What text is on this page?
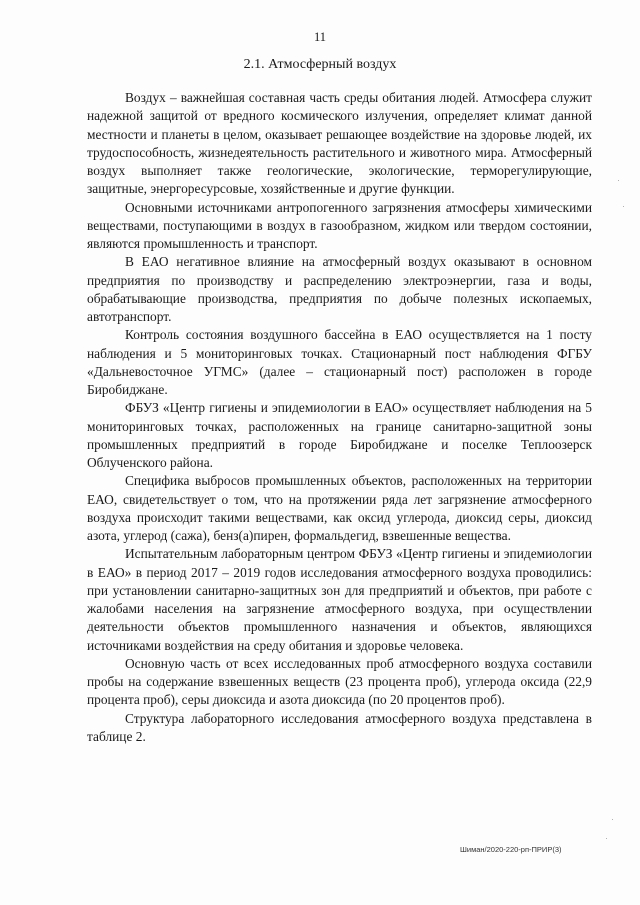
11
2.1. Атмосферный воздух

Воздух – важнейшая составная часть среды обитания людей. Атмосфера служит надежной защитой от вредного космического излучения, определяет климат данной местности и планеты в целом, оказывает решающее воздействие на здоровье людей, их трудоспособность, жизнедеятельность растительного и животного мира. Атмосферный воздух выполняет также геологические, экологические, терморегулирующие, защитные, энергоресурсовые, хозяйственные и другие функции.

Основными источниками антропогенного загрязнения атмосферы химическими веществами, поступающими в воздух в газообразном, жидком или твердом состоянии, являются промышленность и транспорт.

В ЕАО негативное влияние на атмосферный воздух оказывают в основном предприятия по производству и распределению электроэнергии, газа и воды, обрабатывающие производства, предприятия по добыче полезных ископаемых, автотранспорт.

Контроль состояния воздушного бассейна в ЕАО осуществляется на 1 посту наблюдения и 5 мониторинговых точках. Стационарный пост наблюдения ФГБУ «Дальневосточное УГМС» (далее – стационарный пост) расположен в городе Биробиджане.

ФБУЗ «Центр гигиены и эпидемиологии в ЕАО» осуществляет наблюдения на 5 мониторинговых точках, расположенных на границе санитарно-защитной зоны промышленных предприятий в городе Биробиджане и поселке Теплоозерск Облученского района.

Специфика выбросов промышленных объектов, расположенных на территории ЕАО, свидетельствует о том, что на протяжении ряда лет загрязнение атмосферного воздуха происходит такими веществами, как оксид углерода, диоксид серы, диоксид азота, углерод (сажа), бенз(а)пирен, формальдегид, взвешенные вещества.

Испытательным лабораторным центром ФБУЗ «Центр гигиены и эпидемиологии в ЕАО» в период 2017 – 2019 годов исследования атмосферного воздуха проводились: при установлении санитарно-защитных зон для предприятий и объектов, при работе с жалобами населения на загрязнение атмосферного воздуха, при осуществлении деятельности объектов промышленного назначения и объектов, являющихся источниками воздействия на среду обитания и здоровье человека.

Основную часть от всех исследованных проб атмосферного воздуха составили пробы на содержание взвешенных веществ (23 процента проб), углерода оксида (22,9 процента проб), серы диоксида и азота диоксида (по 20 процентов проб).

Структура лабораторного исследования атмосферного воздуха представлена в таблице 2.

Шиман/2020-220-рп-ПРИР(3)
